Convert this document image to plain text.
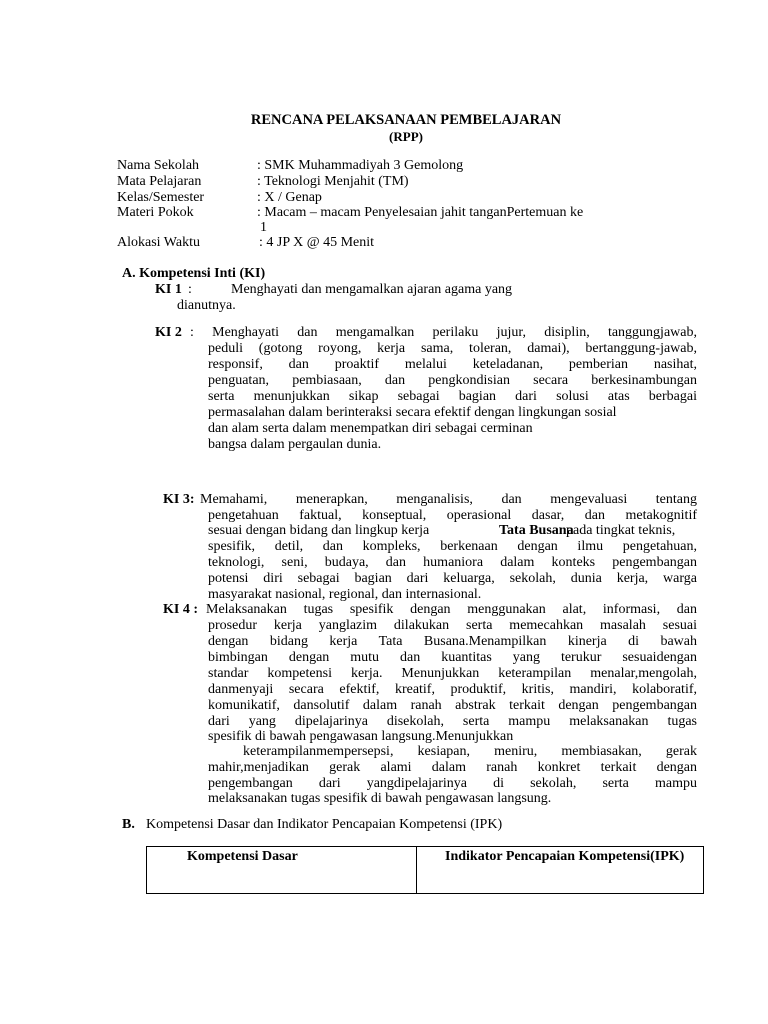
RENCANA PELAKSANAAN PEMBELAJARAN
(RPP)
Nama Sekolah	: SMK Muhammadiyah 3 Gemolong
Mata Pelajaran	: Teknologi Menjahit (TM)
Kelas/Semester	: X / Genap
Materi Pokok	: Macam – macam Penyelesaian jahit tanganPertemuan ke
1
Alokasi Waktu	: 4 JP X @ 45 Menit
A. Kompetensi Inti (KI)
KI 1 :	Menghayati dan mengamalkan ajaran agama yang
dianutnya.
KI 2 : Menghayati dan mengamalkan perilaku jujur, disiplin, tanggungjawab,
peduli (gotong royong, kerja sama, toleran, damai), bertanggung-jawab,
responsif, dan proaktif melalui keteladanan, pemberian nasihat,
penguatan, pembiasaan, dan pengkondisian secara berkesinambungan
serta menunjukkan sikap sebagai bagian dari solusi atas berbagai
permasalahan dalam berinteraksi secara efektif dengan lingkungan sosial
dan alam serta dalam menempatkan diri sebagai cerminan
bangsa dalam pergaulan dunia.
KI 3: Memahami, menerapkan, menganalisis, dan mengevaluasi tentang
pengetahuan faktual, konseptual, operasional dasar, dan metakognitif
sesuai dengan bidang dan lingkup kerja	Tata Busana
pada tingkat teknis,
spesifik, detil, dan kompleks, berkenaan dengan ilmu pengetahuan,
teknologi, seni, budaya, dan humaniora dalam konteks pengembangan
potensi diri sebagai bagian dari keluarga, sekolah, dunia kerja, warga
masyarakat nasional, regional, dan internasional.
KI 4 : Melaksanakan tugas spesifik dengan menggunakan alat, informasi, dan
prosedur kerja yanglazim dilakukan serta memecahkan masalah sesuai
dengan bidang kerja Tata Busana.Menampilkan kinerja di bawah
bimbingan dengan mutu dan kuantitas yang terukur sesuaidengan
standar kompetensi kerja. Menunjukkan keterampilan menalar,mengolah,
danmenyaji secara efektif, kreatif, produktif, kritis, mandiri, kolaboratif,
komunikatif, dansolutif dalam ranah abstrak terkait dengan pengembangan
dari yang dipelajarinya disekolah, serta mampu melaksanakan tugas
spesifik di bawah pengawasan langsung.Menunjukkan
keterampilanmempersepsi, kesiapan, meniru, membiasakan, gerak
mahir,menjadikan gerak alami dalam ranah konkret terkait dengan
pengembangan dari yangdipelajarinya di sekolah, serta mampu
melaksanakan tugas spesifik di bawah pengawasan langsung.
B. Kompetensi Dasar dan Indikator Pencapaian Kompetensi (IPK)
Kompetensi Dasar	Indikator Pencapaian Kompetensi(IPK)
